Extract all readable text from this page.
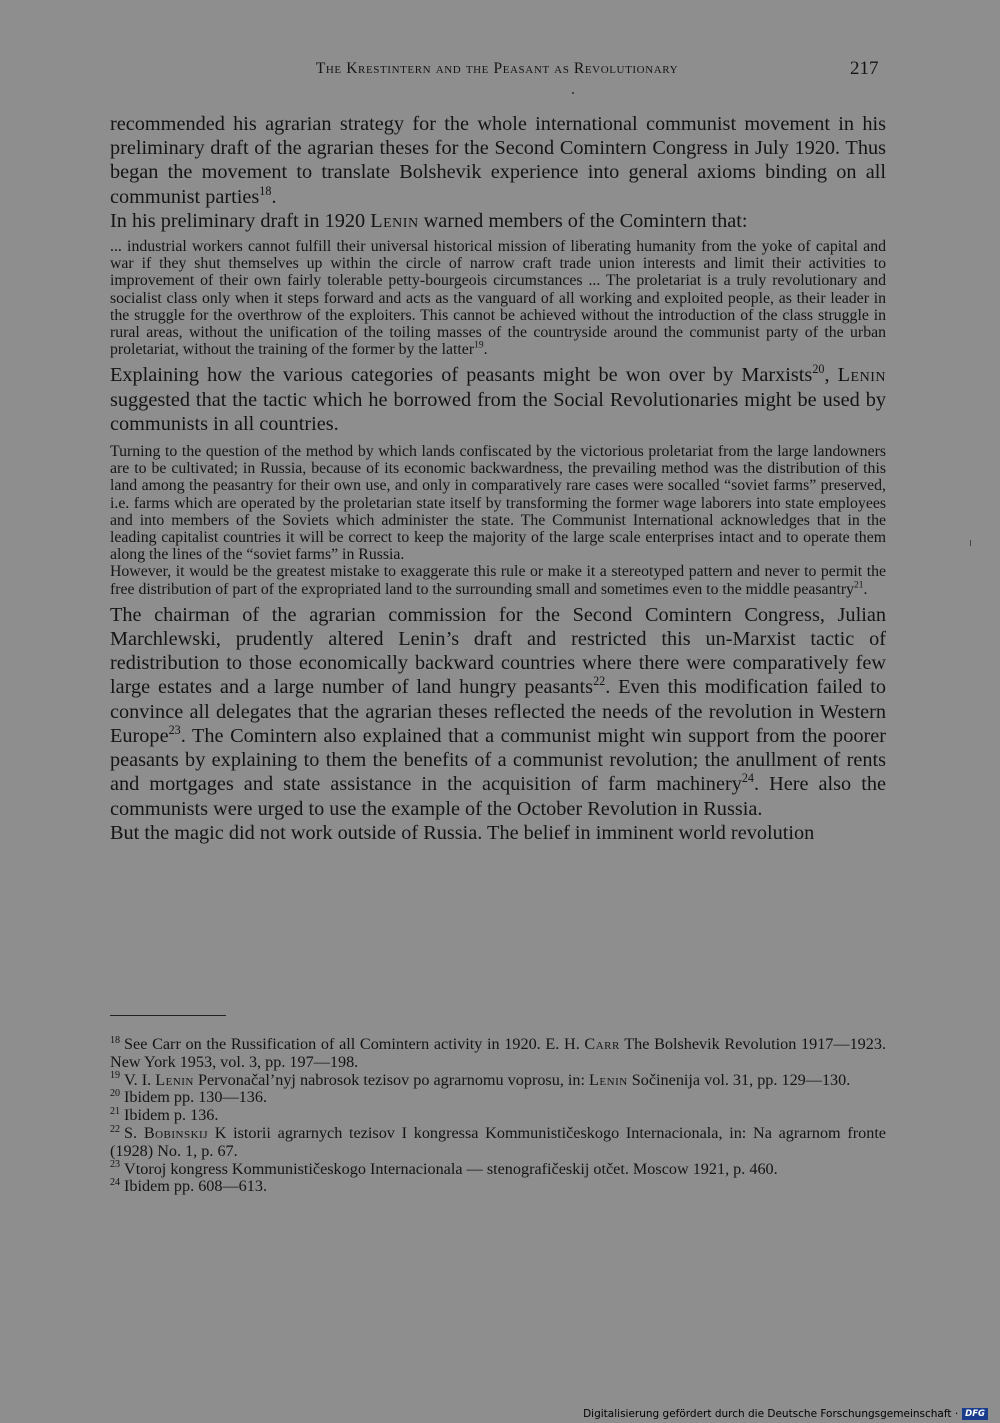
The Krestintern and the Peasant as Revolutionary	217

recommended his agrarian strategy for the whole international communist movement in his preliminary draft of the agrarian theses for the Second Comintern Congress in July 1920. Thus began the movement to translate Bolshevik experience into general axioms binding on all communist parties$^{18}$.

In his preliminary draft in 1920 Lenin warned members of the Comintern that:

... industrial workers cannot fulfill their universal historical mission of liberating humanity from the yoke of capital and war if they shut themselves up within the circle of narrow craft trade union interests and limit their activities to improvement of their own fairly tolerable petty-bourgeois circumstances ... The proletariat is a truly revolutionary and socialist class only when it steps forward and acts as the vanguard of all working and exploited people, as their leader in the struggle for the overthrow of the exploiters. This cannot be achieved without the introduction of the class struggle in rural areas, without the unification of the toiling masses of the countryside around the communist party of the urban proletariat, without the training of the former by the latter$^{19}$.

Explaining how the various categories of peasants might be won over by Marxists$^{20}$, Lenin suggested that the tactic which he borrowed from the Social Revolutionaries might be used by communists in all countries.

Turning to the question of the method by which lands confiscated by the victorious proletariat from the large landowners are to be cultivated; in Russia, because of its economic backwardness, the prevailing method was the distribution of this land among the peasantry for their own use, and only in comparatively rare cases were socalled “soviet farms” preserved, i.e. farms which are operated by the proletarian state itself by transforming the former wage laborers into state employees and into members of the Soviets which administer the state. The Communist International acknowledges that in the leading capitalist countries it will be correct to keep the majority of the large scale enterprises intact and to operate them along the lines of the “soviet farms” in Russia.

However, it would be the greatest mistake to exaggerate this rule or make it a stereotyped pattern and never to permit the free distribution of part of the expropriated land to the surrounding small and sometimes even to the middle peasantry$^{21}$.

The chairman of the agrarian commission for the Second Comintern Congress, Julian Marchlewski, prudently altered Lenin’s draft and restricted this un-Marxist tactic of redistribution to those economically backward countries where there were comparatively few large estates and a large number of land hungry peasants$^{22}$. Even this modification failed to convince all delegates that the agrarian theses reflected the needs of the revolution in Western Europe$^{23}$. The Comintern also explained that a communist might win support from the poorer peasants by explaining to them the benefits of a communist revolution; the anullment of rents and mortgages and state assistance in the acquisition of farm machinery$^{24}$. Here also the communists were urged to use the example of the October Revolution in Russia.

But the magic did not work outside of Russia. The belief in imminent world revolution

$^{18}$ See Carr on the Russification of all Comintern activity in 1920. E. H. Carr The Bolshevik Revolution 1917—1923. New York 1953, vol. 3, pp. 197—198.

$^{19}$ V. I. Lenin Pervonačal’nyj nabrosok tezisov po agrarnomu voprosu, in: Lenin Sočinenija vol. 31, pp. 129—130.

$^{20}$ Ibidem pp. 130—136.

$^{21}$ Ibidem p. 136.

$^{22}$ S. Bobinskij K istorii agrarnych tezisov I kongressa Kommunističeskogo Internacionala, in: Na agrarnom fronte (1928) No. 1, p. 67.

$^{23}$ Vtoroj kongress Kommunističeskogo Internacionala — stenografičeskij otčet. Moscow 1921, p. 460.

$^{24}$ Ibidem pp. 608—613.

Digitalisierung gefördert durch die Deutsche Forschungsgemeinschaft · DFG
